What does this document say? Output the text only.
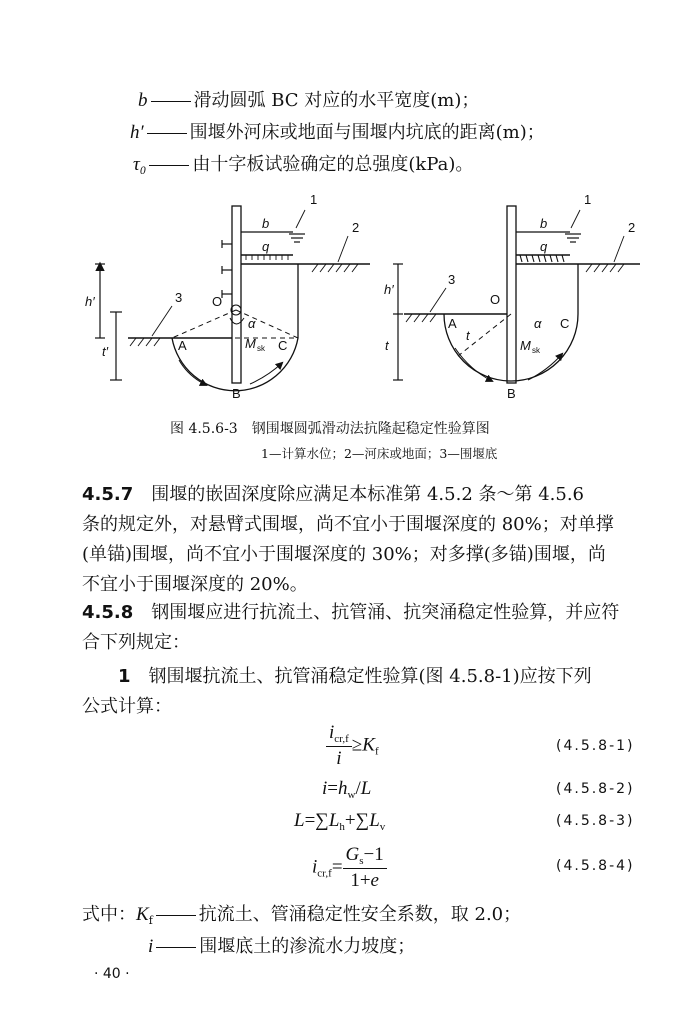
b	滑动圆弧 BC 对应的水平宽度(m)；
h′	围堰外河床或地面与围堰内坑底的距离(m)；
τ₀	由十字板试验确定的总强度(kPa)。
1
2
3
b
q
h′
t′
O
α
A
B
C
M sk
1
2
3
b
q
h′
t
t
O
α
A
B
C
M sk
图 4.5.6-3　钢围堰圆弧滑动法抗隆起稳定性验算图
1—计算水位；2—河床或地面；3—围堰底
4.5.7　 围堰的嵌固深度除应满足本标准第 4.5.2 条～第 4.5.6
条的规定外，对悬臂式围堰，尚不宜小于围堰深度的 80%；对单撑
(单锚)围堰，尚不宜小于围堰深度的 30%；对多撑(多锚)围堰，尚
不宜小于围堰深度的 20%。
4.5.8　 钢围堰应进行抗流土、抗管涌、抗突涌稳定性验算，并应符
合下列规定：
1　 钢围堰抗流土、抗管涌稳定性验算(图 4.5.8-1)应按下列
公式计算：
$\frac{i_{cr,f}}{i} \ge K_f$	(4.5.8-1)
$i=h_w/L$	(4.5.8-2)
$L=\sum L_h+\sum L_v$	(4.5.8-3)
$i_{cr,f}= \frac{G_s-1}{1+e}$	(4.5.8-4)
式中：$K_f$	抗流土、管涌稳定性安全系数，取 2.0；
i	围堰底土的渗流水力坡度；
· 40 ·
